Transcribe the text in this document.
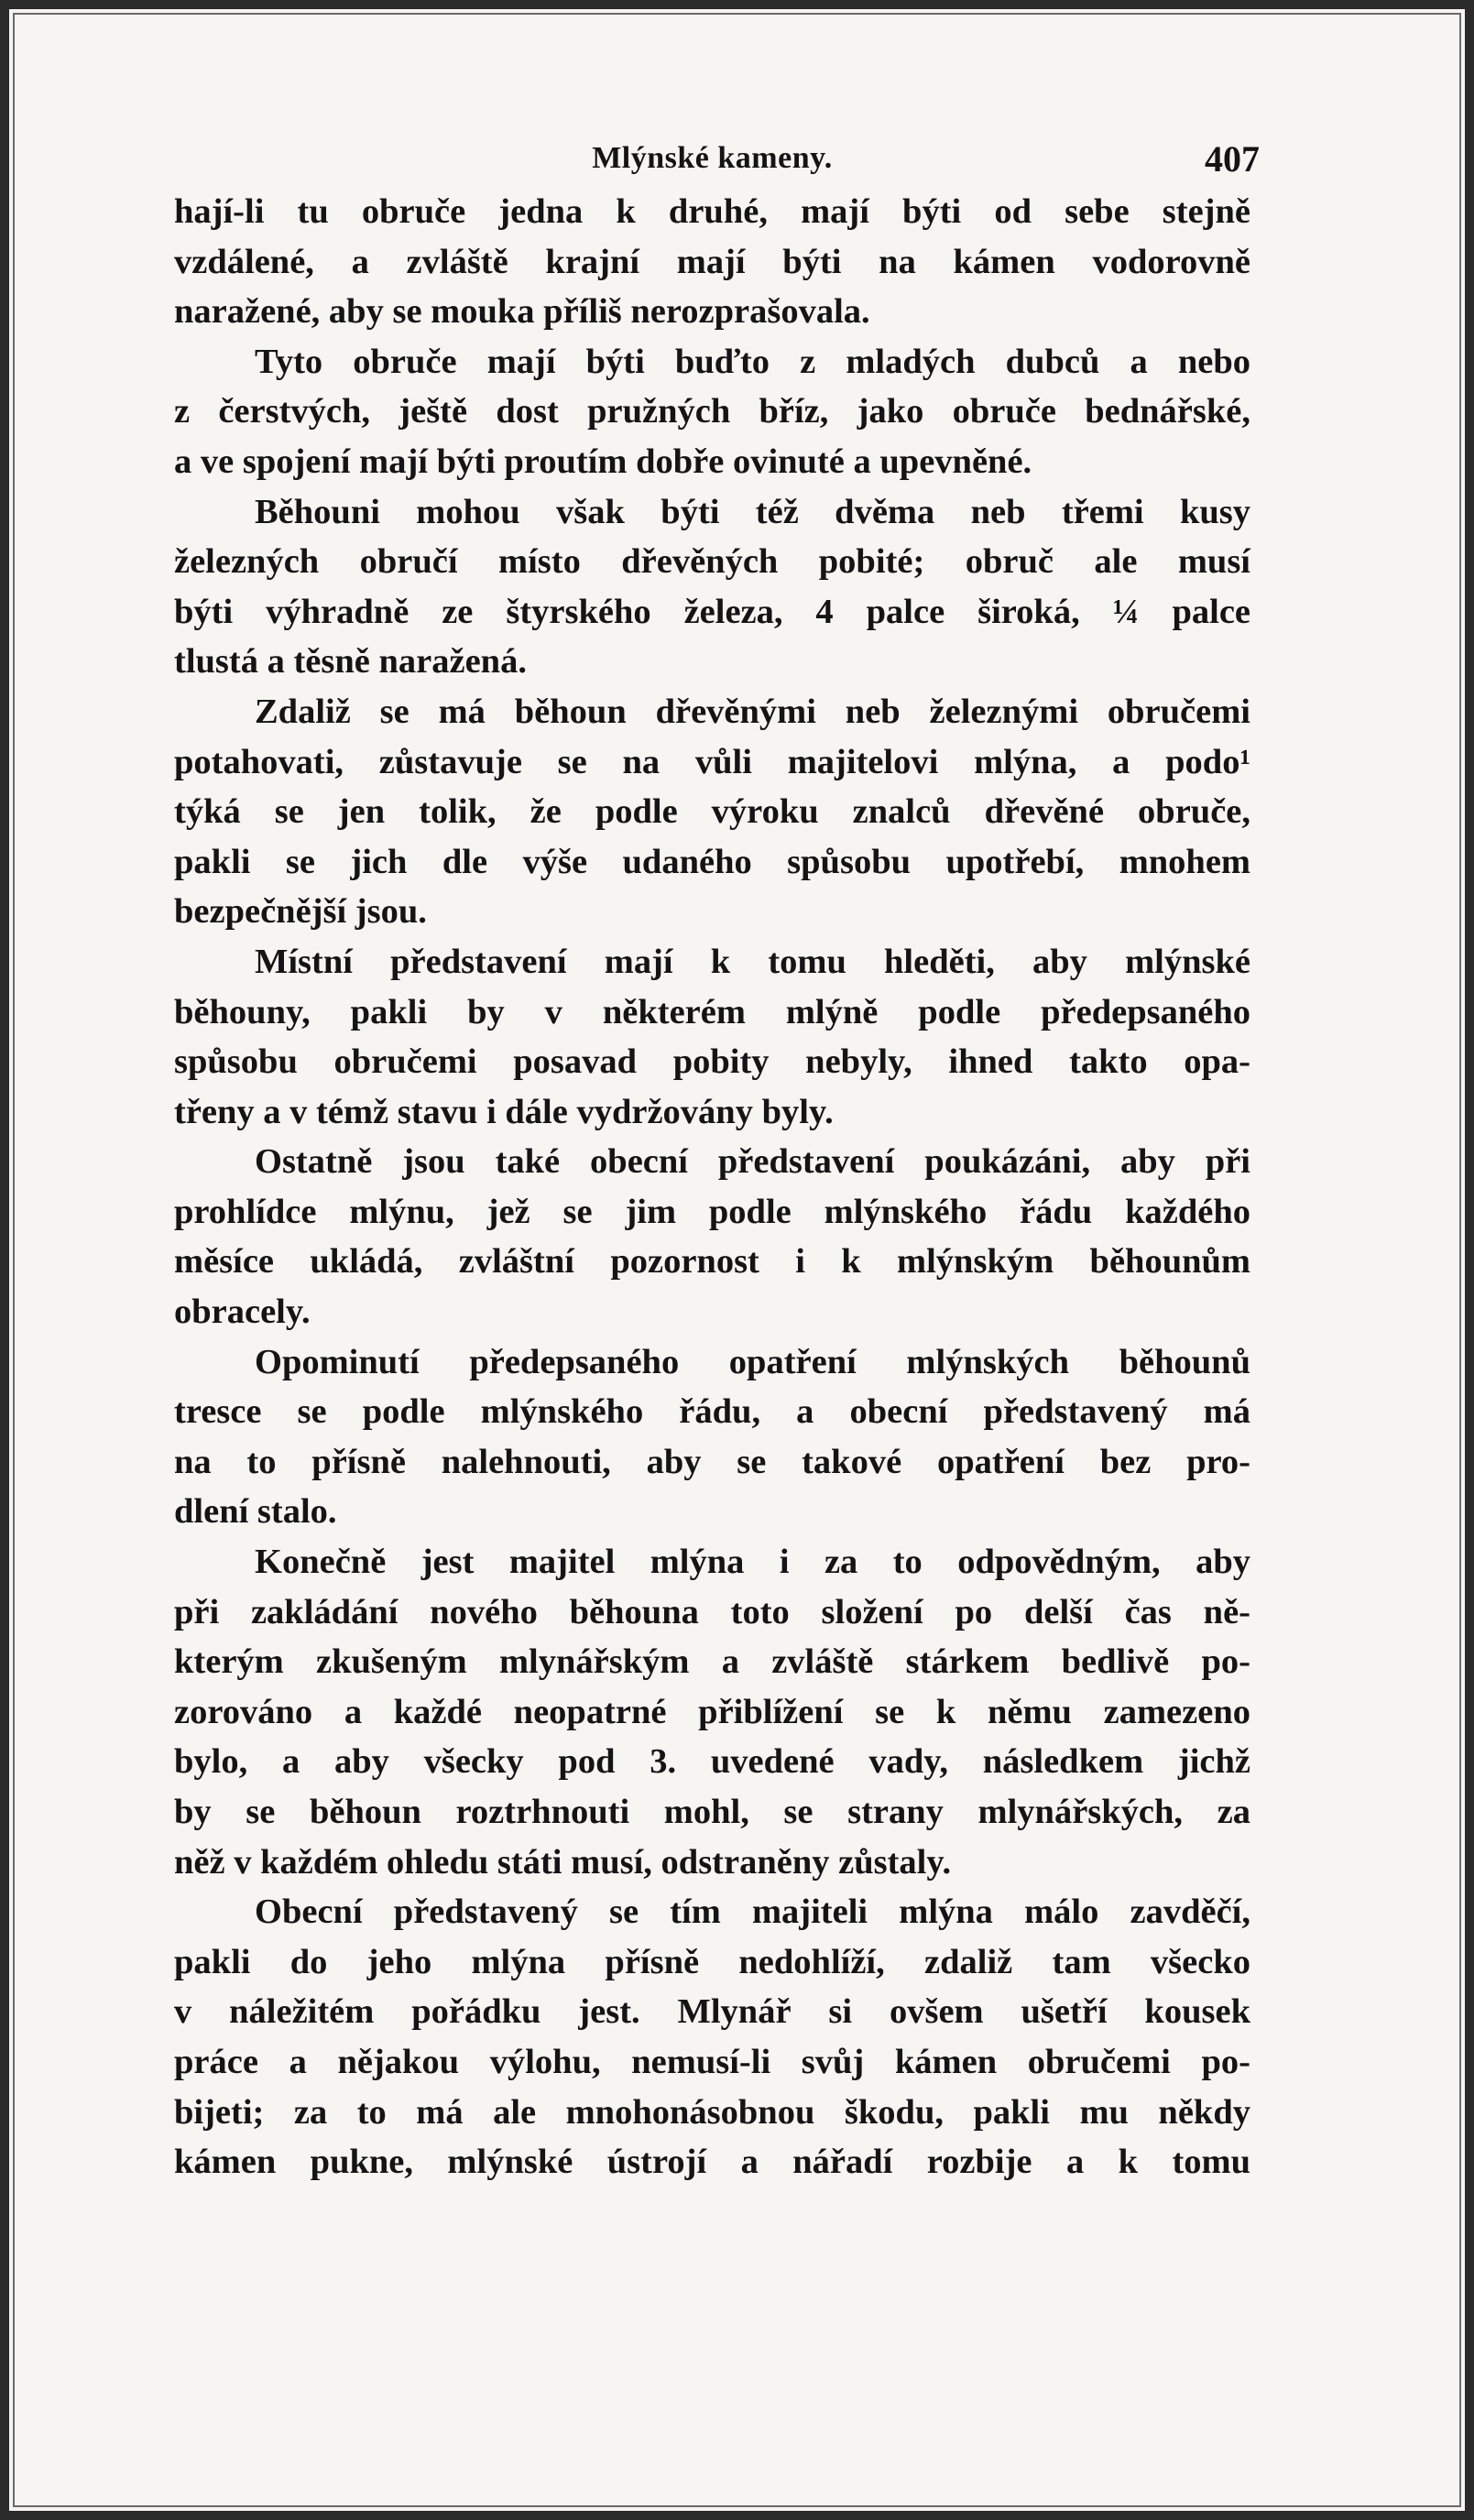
Mlýnské kameny.	407
hají-li tu obruče jedna k druhé, mají býti od sebe stejně
vzdálené, a zvláště krajní mají býti na kámen vodorovně
naražené, aby se mouka příliš nerozprašovala.
Tyto obruče mají býti buďto z mladých dubců a nebo
z čerstvých, ještě dost pružných bříz, jako obruče bednářské,
a ve spojení mají býti proutím dobře ovinuté a upevněné.
Běhouni mohou však býti též dvěma neb třemi kusy
železných obručí místo dřevěných pobité; obruč ale musí
býti výhradně ze štyrského železa, 4 palce široká, ¼ palce
tlustá a těsně naražená.
Zdaliž se má běhoun dřevěnými neb železnými obručemi
potahovati, zůstavuje se na vůli majitelovi mlýna, a podo¹
týká se jen tolik, že podle výroku znalců dřevěné obruče,
pakli se jich dle výše udaného spůsobu upotřebí, mnohem
bezpečnější jsou.
Místní představení mají k tomu hleděti, aby mlýnské
běhouny, pakli by v některém mlýně podle předepsaného
spůsobu obručemi posavad pobity nebyly, ihned takto opa-
třeny a v témž stavu i dále vydržovány byly.
Ostatně jsou také obecní představení poukázáni, aby při
prohlídce mlýnu, jež se jim podle mlýnského řádu každého
měsíce ukládá, zvláštní pozornost i k mlýnským běhounům
obracely.
Opominutí předepsaného opatření mlýnských běhounů
tresce se podle mlýnského řádu, a obecní představený má
na to přísně nalehnouti, aby se takové opatření bez pro-
dlení stalo.
Konečně jest majitel mlýna i za to odpovědným, aby
při zakládání nového běhouna toto složení po delší čas ně-
kterým zkušeným mlynářským a zvláště stárkem bedlivě po-
zorováno a každé neopatrné přiblížení se k němu zamezeno
bylo, a aby všecky pod 3. uvedené vady, následkem jichž
by se běhoun roztrhnouti mohl, se strany mlynářských, za
něž v každém ohledu státi musí, odstraněny zůstaly.
Obecní představený se tím majiteli mlýna málo zavděčí,
pakli do jeho mlýna přísně nedohlíží, zdaliž tam všecko
v náležitém pořádku jest. Mlynář si ovšem ušetří kousek
práce a nějakou výlohu, nemusí-li svůj kámen obručemi po-
bijeti; za to má ale mnohonásobnou škodu, pakli mu někdy
kámen pukne, mlýnské ústrojí a nářadí rozbije a k tomu
